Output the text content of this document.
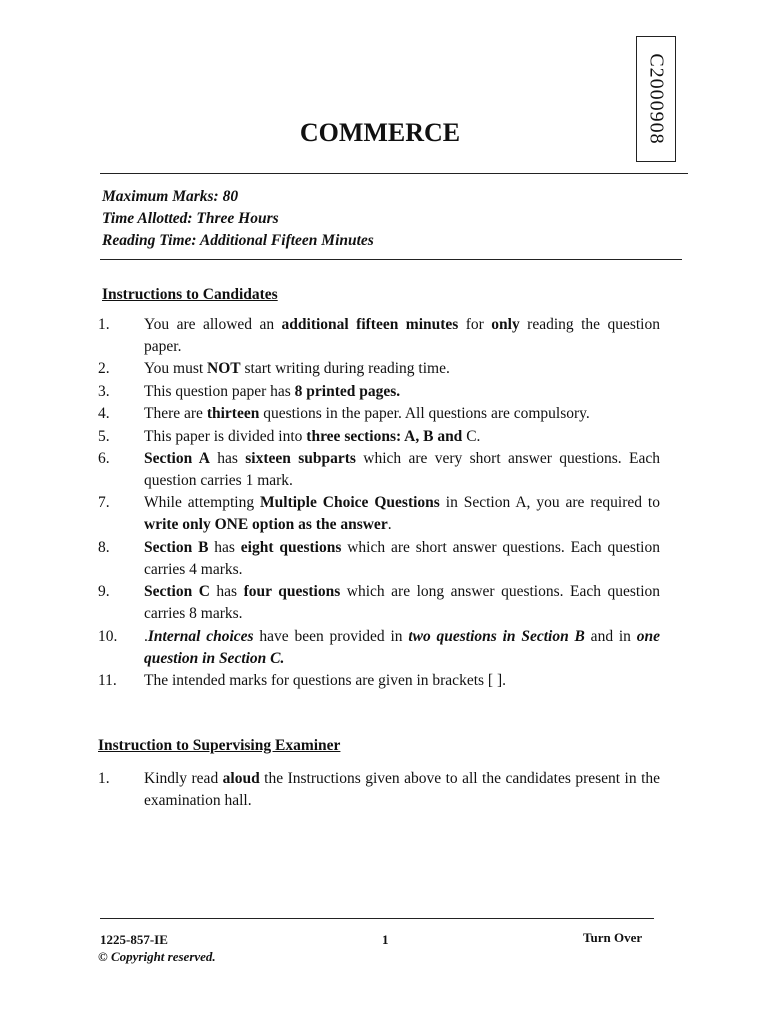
C2000908
COMMERCE
Maximum Marks: 80
Time Allotted: Three Hours
Reading Time: Additional Fifteen Minutes
Instructions to Candidates
1.	You are allowed an additional fifteen minutes for only reading the question paper.
2.	You must NOT start writing during reading time.
3.	This question paper has 8 printed pages.
4.	There are thirteen questions in the paper. All questions are compulsory.
5.	This paper is divided into three sections: A, B and C.
6.	Section A has sixteen subparts which are very short answer questions. Each question carries 1 mark.
7.	While attempting Multiple Choice Questions in Section A, you are required to write only ONE option as the answer.
8.	Section B has eight questions which are short answer questions. Each question carries 4 marks.
9.	Section C has four questions which are long answer questions. Each question carries 8 marks.
10.	.Internal choices have been provided in two questions in Section B and in one question in Section C.
11.	The intended marks for questions are given in brackets [ ].
Instruction to Supervising Examiner
1.	Kindly read aloud the Instructions given above to all the candidates present in the examination hall.
1225-857-IE	1	Turn Over
© Copyright reserved.
